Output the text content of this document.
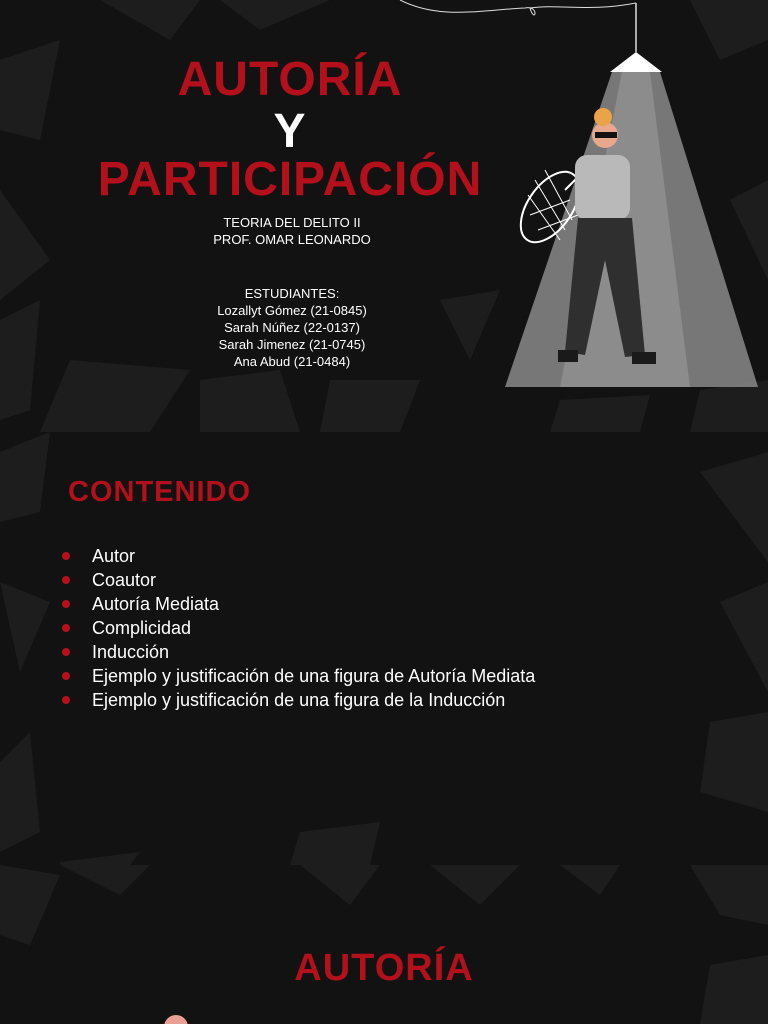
AUTORÍA
Y
PARTICIPACIÓN
TEORIA DEL DELITO II
PROF. OMAR LEONARDO
ESTUDIANTES:
Lozallyt Gómez (21-0845)
Sarah Núñez (22-0137)
Sarah Jimenez (21-0745)
Ana Abud (21-0484)
CONTENIDO
Autor
Coautor
Autoría Mediata
Complicidad
Inducción
Ejemplo y justificación de una figura de Autoría Mediata
Ejemplo y justificación de una figura de la Inducción
AUTORÍA
